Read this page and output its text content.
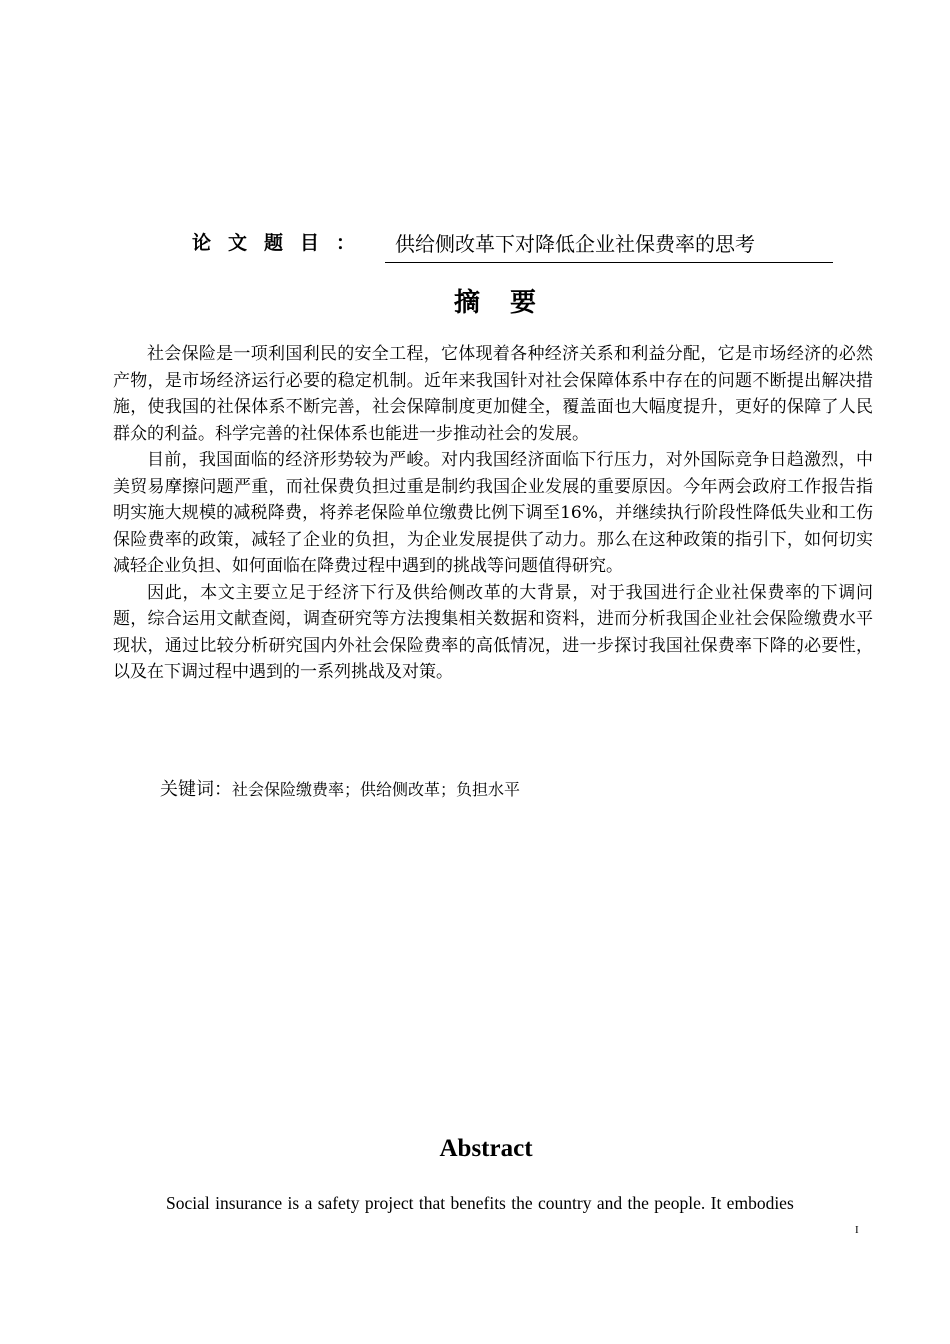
论文题目： 供给侧改革下对降低企业社保费率的思考
摘要

社会保险是一项利国利民的安全工程，它体现着各种经济关系和利益分配，它是市场经济的必然产物，是市场经济运行必要的稳定机制。近年来我国针对社会保障体系中存在的问题不断提出解决措施，使我国的社保体系不断完善，社会保障制度更加健全，覆盖面也大幅度提升，更好的保障了人民群众的利益。科学完善的社保体系也能进一步推动社会的发展。

目前，我国面临的经济形势较为严峻。对内我国经济面临下行压力，对外国际竞争日趋激烈，中美贸易摩擦问题严重，而社保费负担过重是制约我国企业发展的重要原因。今年两会政府工作报告指明实施大规模的减税降费，将养老保险单位缴费比例下调至16%，并继续执行阶段性降低失业和工伤保险费率的政策，减轻了企业的负担，为企业发展提供了动力。那么在这种政策的指引下，如何切实减轻企业负担、如何面临在降费过程中遇到的挑战等问题值得研究。

因此，本文主要立足于经济下行及供给侧改革的大背景，对于我国进行企业社保费率的下调问题，综合运用文献查阅，调查研究等方法搜集相关数据和资料，进而分析我国企业社会保险缴费水平现状，通过比较分析研究国内外社会保险费率的高低情况，进一步探讨我国社保费率下降的必要性，以及在下调过程中遇到的一系列挑战及对策。

关键词：社会保险缴费率；供给侧改革；负担水平
Abstract
Social insurance is a safety project that benefits the country and the people. It embodies
I
